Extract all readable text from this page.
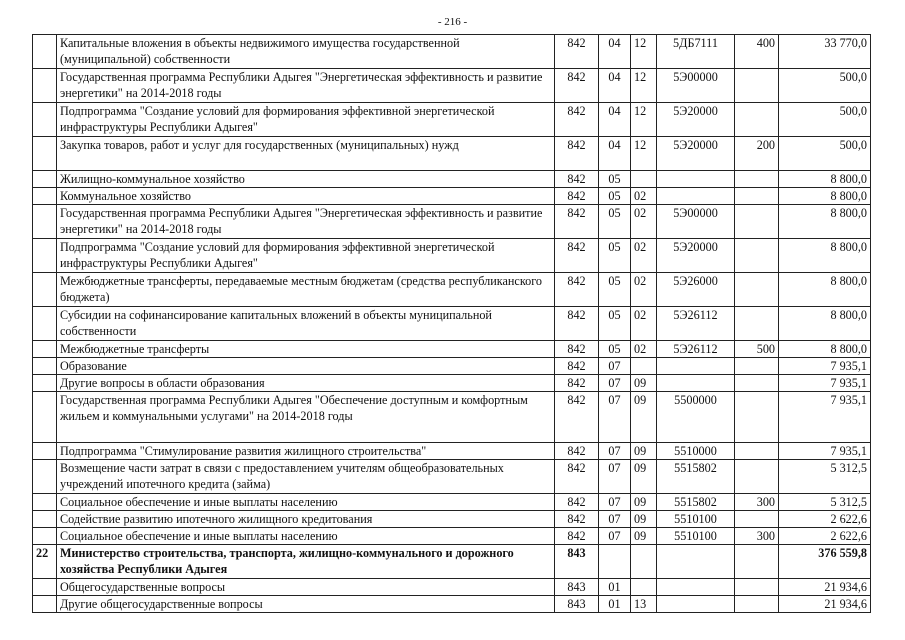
- 216 -
	Капитальные вложения в объекты недвижимого имущества государственной (муниципальной) собственности	842	04	12	5ДБ7111	400	33 770,0
	Государственная программа Республики Адыгея "Энергетическая эффективность и развитие энергетики" на 2014-2018 годы	842	04	12	5Э00000		500,0
	Подпрограмма "Создание условий для формирования эффективной энергетической инфраструктуры Республики Адыгея"	842	04	12	5Э20000		500,0
	Закупка товаров, работ и услуг для государственных (муниципальных) нужд	842	04	12	5Э20000	200	500,0
	Жилищно-коммунальное хозяйство	842	05				8 800,0
	Коммунальное хозяйство	842	05	02			8 800,0
	Государственная программа Республики Адыгея "Энергетическая эффективность и развитие энергетики" на 2014-2018 годы	842	05	02	5Э00000		8 800,0
	Подпрограмма "Создание условий для формирования эффективной энергетической инфраструктуры Республики Адыгея"	842	05	02	5Э20000		8 800,0
	Межбюджетные трансферты, передаваемые местным бюджетам (средства республиканского бюджета)	842	05	02	5Э26000		8 800,0
	Субсидии на софинансирование капитальных вложений в объекты муниципальной собственности	842	05	02	5Э26112		8 800,0
	Межбюджетные трансферты	842	05	02	5Э26112	500	8 800,0
	Образование	842	07				7 935,1
	Другие вопросы в области образования	842	07	09			7 935,1
	Государственная программа Республики Адыгея "Обеспечение доступным и комфортным жильем и коммунальными услугами" на 2014-2018 годы	842	07	09	5500000		7 935,1
	Подпрограмма "Стимулирование развития жилищного строительства"	842	07	09	5510000		7 935,1
	Возмещение части затрат в связи с предоставлением учителям общеобразовательных учреждений ипотечного кредита (займа)	842	07	09	5515802		5 312,5
	Социальное обеспечение и иные выплаты населению	842	07	09	5515802	300	5 312,5
	Содействие развитию ипотечного жилищного кредитования	842	07	09	5510100		2 622,6
	Социальное обеспечение и иные выплаты населению	842	07	09	5510100	300	2 622,6
22	Министерство строительства, транспорта, жилищно-коммунального и дорожного хозяйства Республики Адыгея	843					376 559,8
	Общегосударственные вопросы	843	01				21 934,6
	Другие общегосударственные вопросы	843	01	13			21 934,6
